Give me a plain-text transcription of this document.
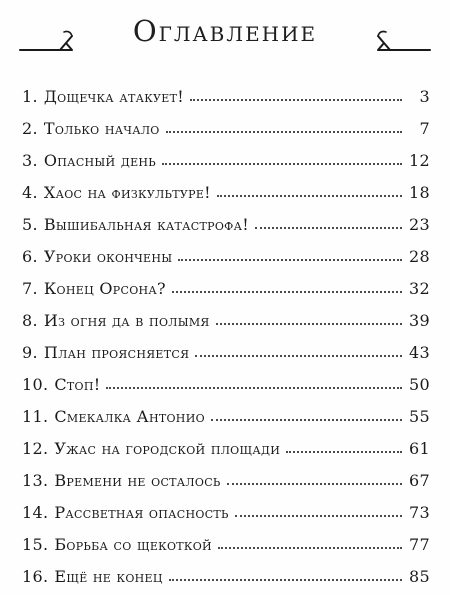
Оглавление
1. Дощечка атакует!	3
2. Только начало	7
3. Опасный день	12
4. Хаос на физкультуре!	18
5. Вышибальная катастрофа!	23
6. Уроки окончены	28
7. Конец Орсона?	32
8. Из огня да в полымя	39
9. План проясняется	43
10. Стоп!	50
11. Смекалка Антонио	55
12. Ужас на городской площади	61
13. Времени не осталось	67
14. Рассветная опасность	73
15. Борьба со щекоткой	77
16. Ещё не конец	85
